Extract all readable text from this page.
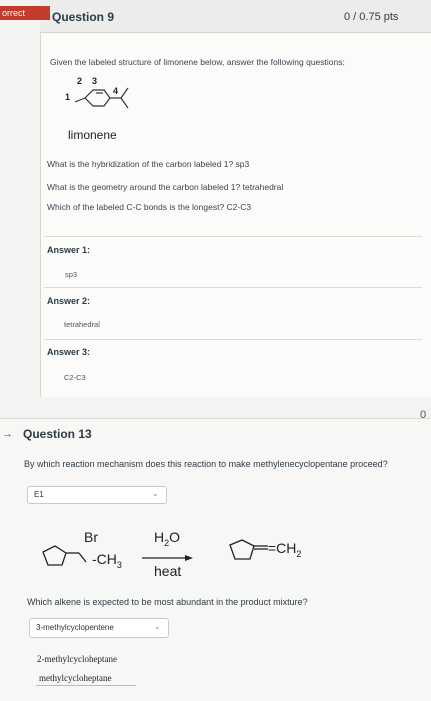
orrect	Question 9	0 / 0.75 pts
Given the labeled structure of limonene below, answer the following questions:
1
2 3
4
limonene
What is the hybridization of the carbon labeled 1? sp3
What is the geometry around the carbon labeled 1? tetrahedral
Which of the labeled C-C bonds is the longest? C2-C3
Answer 1:
sp3
Answer 2:
tetrahedral
Answer 3:
C2-C3
→
0
Question 13
By which reaction mechanism does this reaction to make methylenecyclopentane proceed?
E1	⌄
Br
$-CH_3$
$H_2O$
heat
$=CH_2$
Which alkene is expected to be most abundant in the product mixture?
3-methylcyclopentene	⌄
2-methylcycloheptane
methylcycloheptane
